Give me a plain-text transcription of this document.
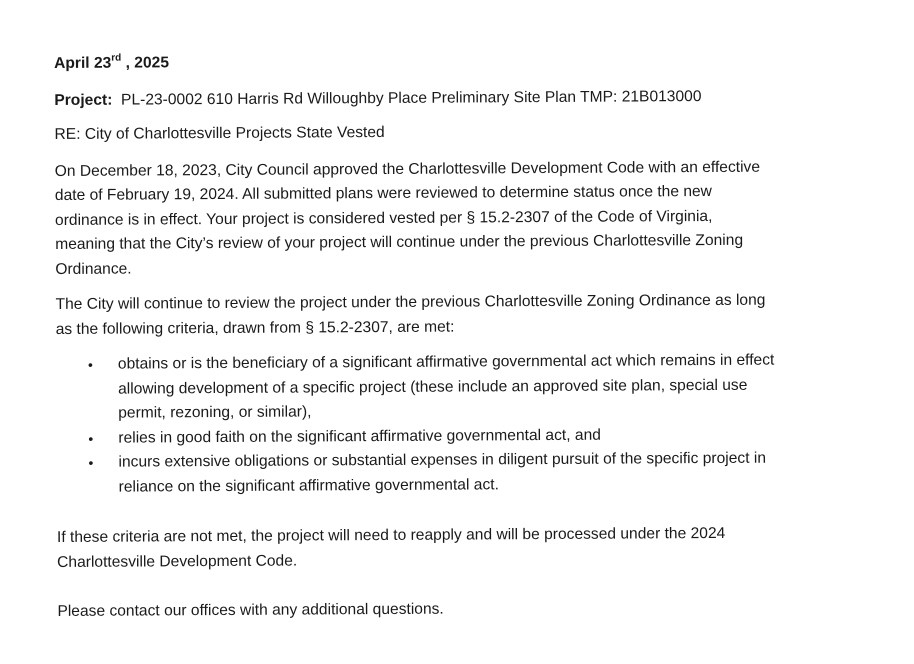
April 23rd , 2025
Project: PL-23-0002 610 Harris Rd Willoughby Place Preliminary Site Plan TMP: 21B013000
RE: City of Charlottesville Projects State Vested
On December 18, 2023, City Council approved the Charlottesville Development Code with an effective
date of February 19, 2024. All submitted plans were reviewed to determine status once the new
ordinance is in effect. Your project is considered vested per § 15.2-2307 of the Code of Virginia,
meaning that the City’s review of your project will continue under the previous Charlottesville Zoning
Ordinance.
The City will continue to review the project under the previous Charlottesville Zoning Ordinance as long
as the following criteria, drawn from § 15.2-2307, are met:
• obtains or is the beneficiary of a significant affirmative governmental act which remains in effect
allowing development of a specific project (these include an approved site plan, special use
permit, rezoning, or similar),
• relies in good faith on the significant affirmative governmental act, and
• incurs extensive obligations or substantial expenses in diligent pursuit of the specific project in
reliance on the significant affirmative governmental act.
If these criteria are not met, the project will need to reapply and will be processed under the 2024
Charlottesville Development Code.
Please contact our offices with any additional questions.
